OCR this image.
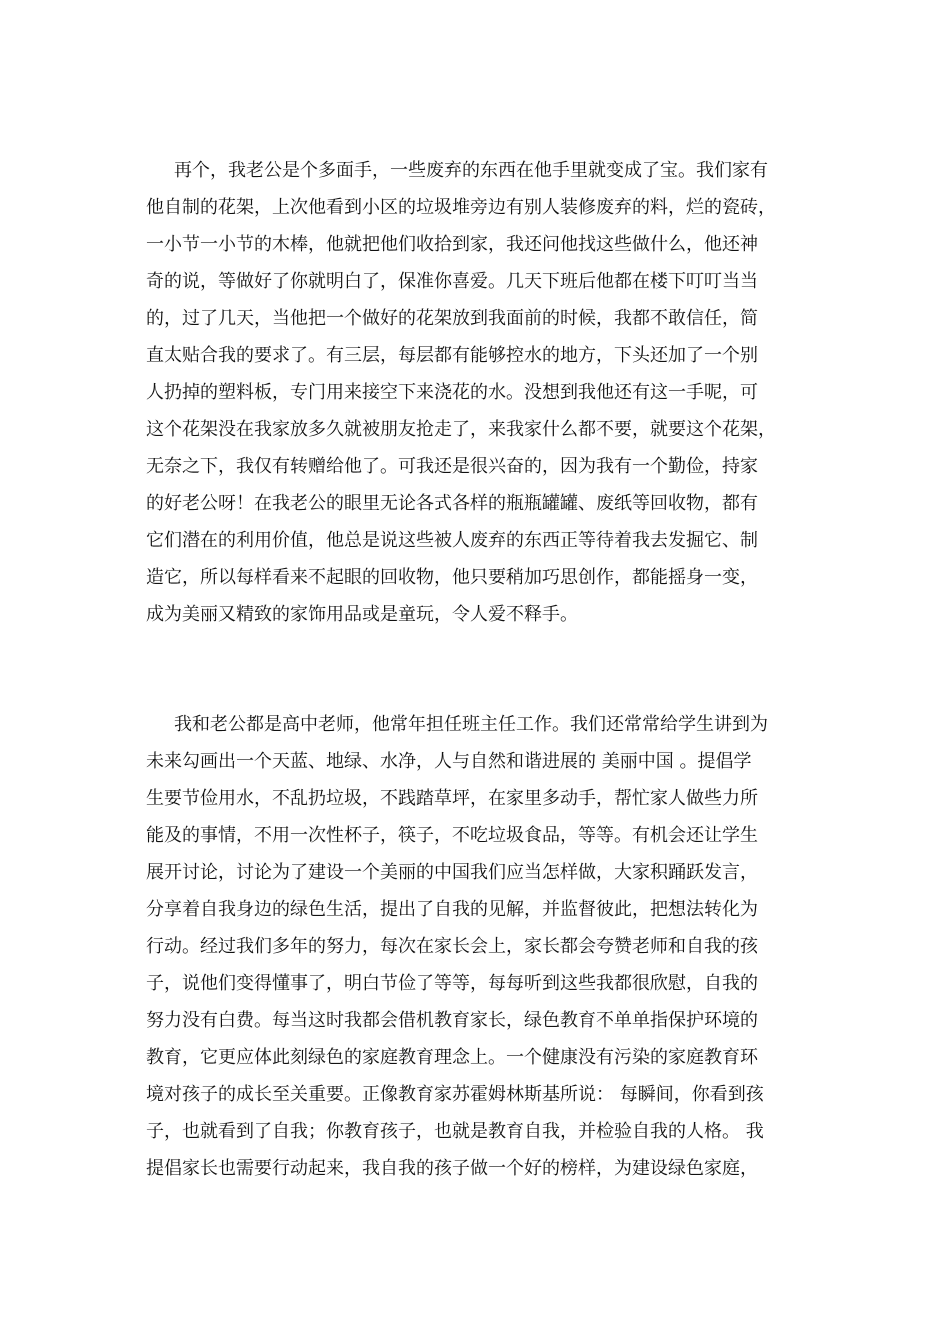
再个，我老公是个多面手，一些废弃的东西在他手里就变成了宝。我们家有
他自制的花架，上次他看到小区的垃圾堆旁边有别人装修废弃的料，烂的瓷砖，
一小节一小节的木棒，他就把他们收拾到家，我还问他找这些做什么，他还神
奇的说，等做好了你就明白了，保准你喜爱。几天下班后他都在楼下叮叮当当
的，过了几天，当他把一个做好的花架放到我面前的时候，我都不敢信任，简
直太贴合我的要求了。有三层，每层都有能够控水的地方，下头还加了一个别
人扔掉的塑料板，专门用来接空下来浇花的水。没想到我他还有这一手呢，可
这个花架没在我家放多久就被朋友抢走了，来我家什么都不要，就要这个花架，
无奈之下，我仅有转赠给他了。可我还是很兴奋的，因为我有一个勤俭，持家
的好老公呀！在我老公的眼里无论各式各样的瓶瓶罐罐、废纸等回收物，都有
它们潜在的利用价值，他总是说这些被人废弃的东西正等待着我去发掘它、制
造它，所以每样看来不起眼的回收物，他只要稍加巧思创作，都能摇身一变，
成为美丽又精致的家饰用品或是童玩，令人爱不释手。
我和老公都是高中老师，他常年担任班主任工作。我们还常常给学生讲到为
未来勾画出一个天蓝、地绿、水净，人与自然和谐进展的 美丽中国 。提倡学
生要节俭用水，不乱扔垃圾，不践踏草坪，在家里多动手，帮忙家人做些力所
能及的事情，不用一次性杯子，筷子，不吃垃圾食品，等等。有机会还让学生
展开讨论，讨论为了建设一个美丽的中国我们应当怎样做，大家积踊跃发言，
分享着自我身边的绿色生活，提出了自我的见解，并监督彼此，把想法转化为
行动。经过我们多年的努力，每次在家长会上，家长都会夸赞老师和自我的孩
子，说他们变得懂事了，明白节俭了等等，每每听到这些我都很欣慰，自我的
努力没有白费。每当这时我都会借机教育家长，绿色教育不单单指保护环境的
教育，它更应体此刻绿色的家庭教育理念上。一个健康没有污染的家庭教育环
境对孩子的成长至关重要。正像教育家苏霍姆林斯基所说： 每瞬间，你看到孩
子，也就看到了自我；你教育孩子，也就是教育自我，并检验自我的人格。 我
提倡家长也需要行动起来，我自我的孩子做一个好的榜样，为建设绿色家庭，
